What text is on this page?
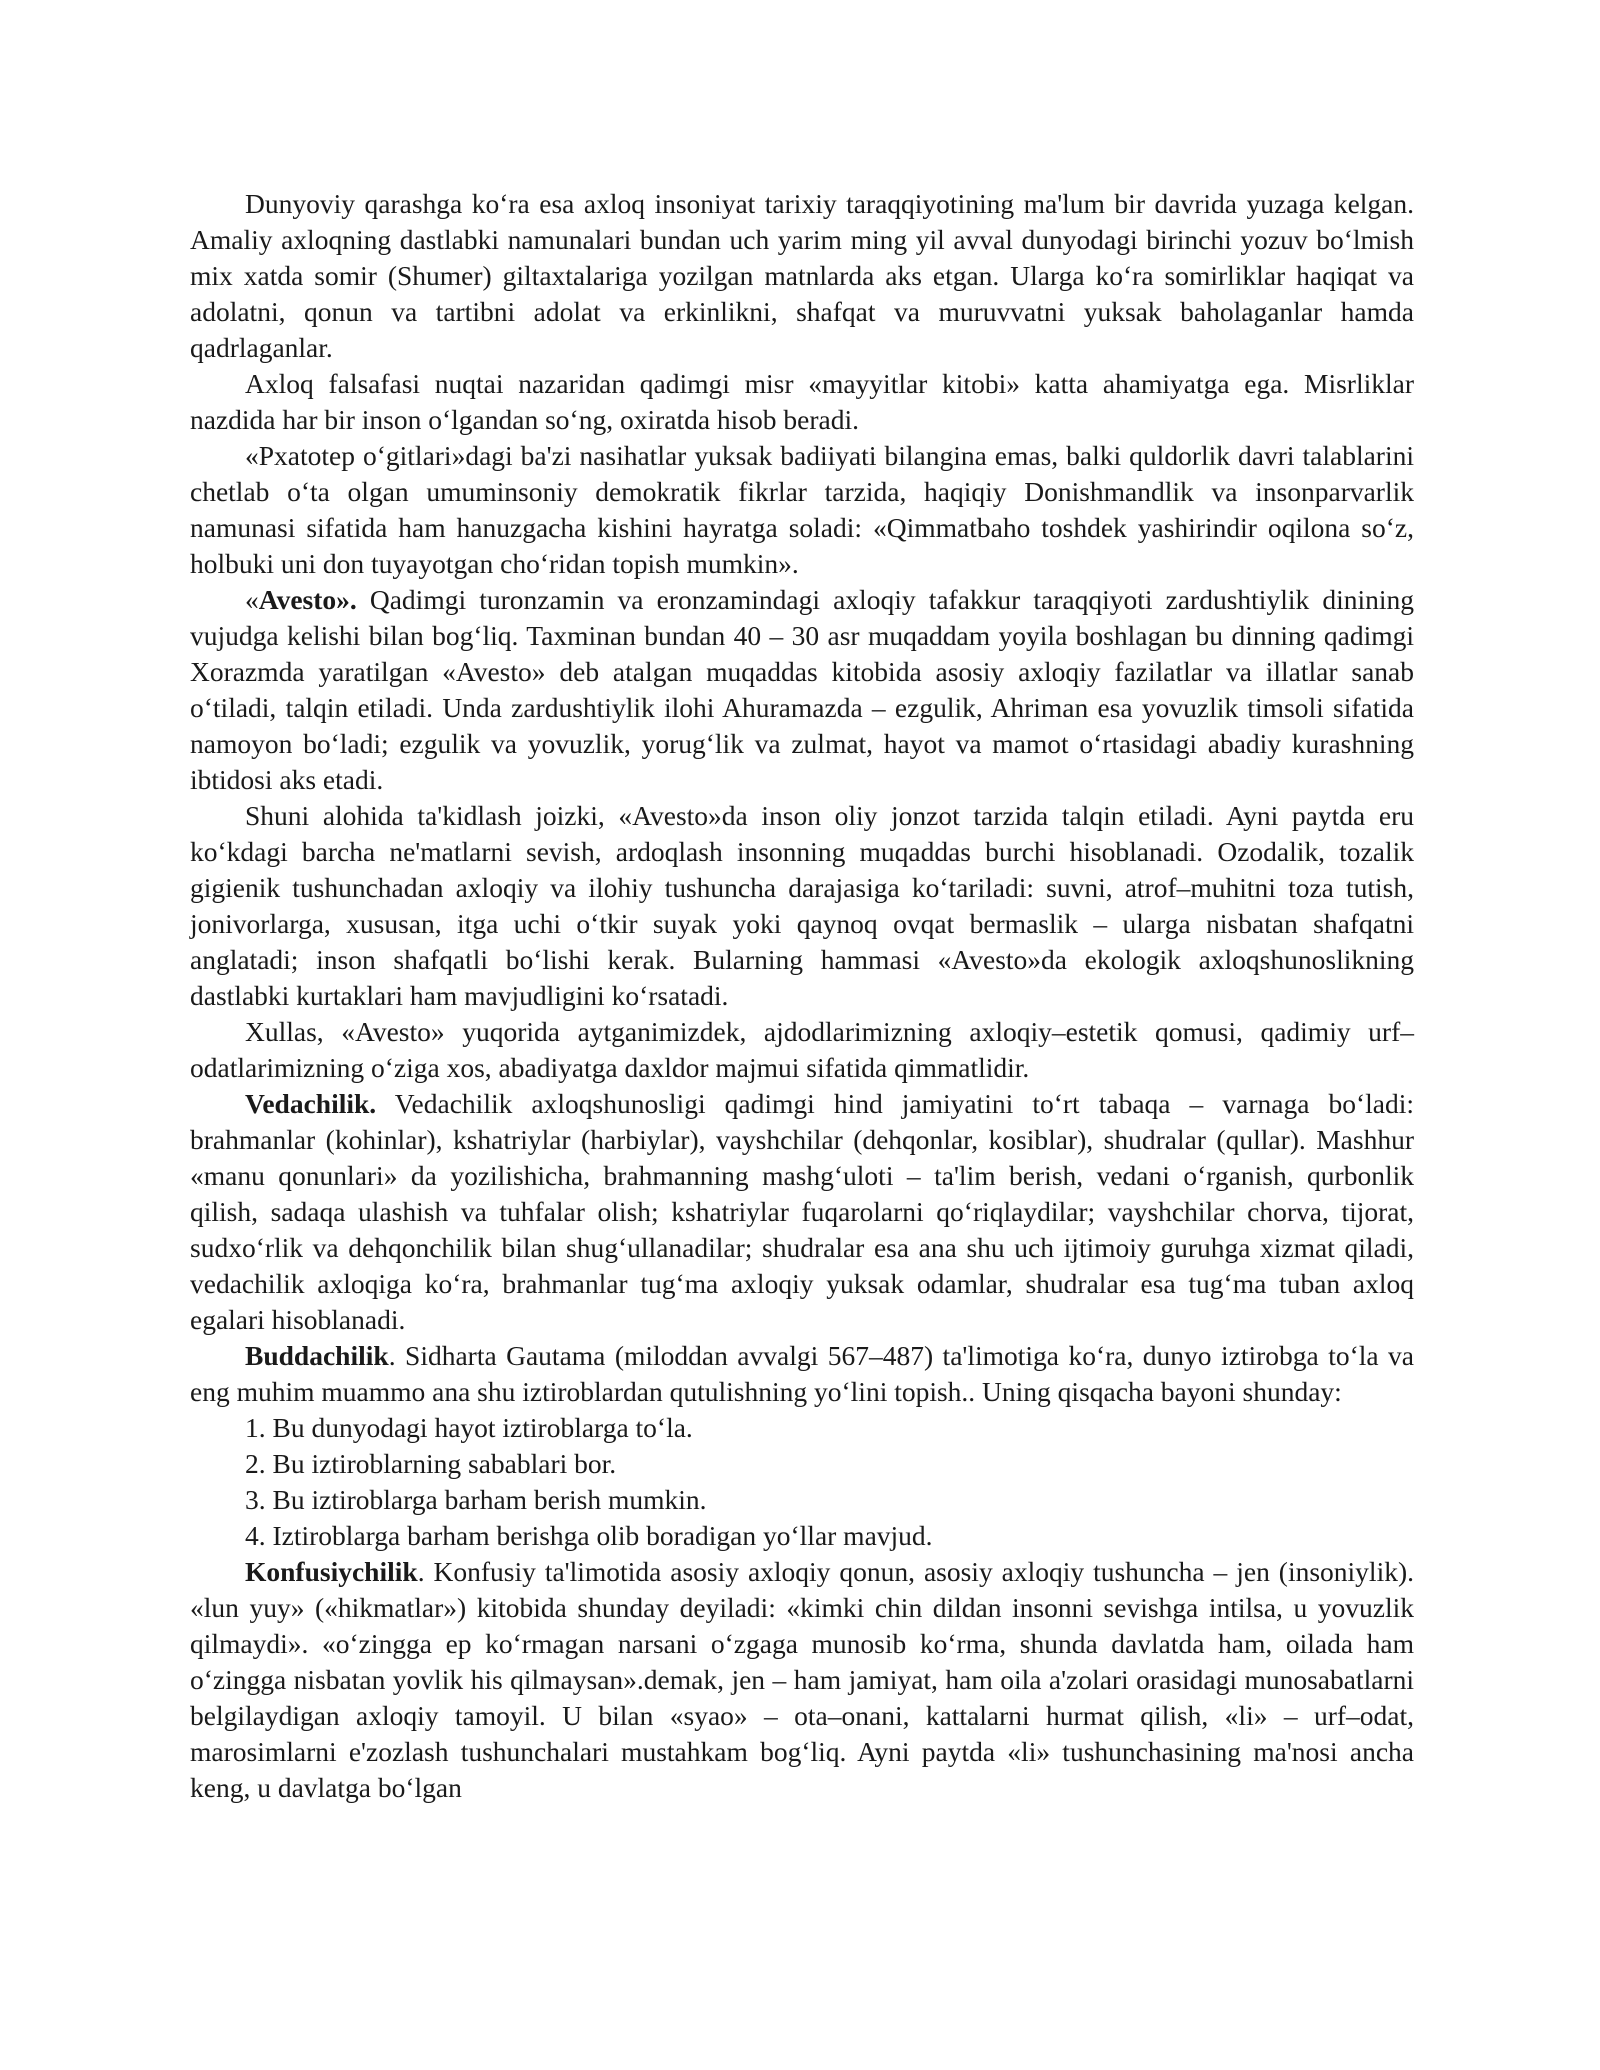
Dunyoviy qarashga ko‘ra esa axloq insoniyat tarixiy taraqqiyotining ma'lum bir davrida yuzaga kelgan. Amaliy axloqning dastlabki namunalari bundan uch yarim ming yil avval dunyodagi birinchi yozuv bo‘lmish mix xatda somir (Shumer) giltaxtalariga yozilgan matnlarda aks etgan. Ularga ko‘ra somirliklar haqiqat va adolatni, qonun va tartibni adolat va erkinlikni, shafqat va muruvvatni yuksak baholaganlar hamda qadrlaganlar.

Axloq falsafasi nuqtai nazaridan qadimgi misr «mayyitlar kitobi» katta ahamiyatga ega. Misrliklar nazdida har bir inson o‘lgandan so‘ng, oxiratda hisob beradi.

«Pxatotep o‘gitlari»dagi ba'zi nasihatlar yuksak badiiyati bilangina emas, balki quldorlik davri talablarini chetlab o‘ta olgan umuminsoniy demokratik fikrlar tarzida, haqiqiy Donishmandlik va insonparvarlik namunasi sifatida ham hanuzgacha kishini hayratga soladi: «Qimmatbaho toshdek yashirindir oqilona so‘z, holbuki uni don tuyayotgan cho‘ridan topish mumkin».

«Avesto». Qadimgi turonzamin va eronzamindagi axloqiy tafakkur taraqqiyoti zardushtiylik dinining vujudga kelishi bilan bog‘liq. Taxminan bundan 40 – 30 asr muqaddam yoyila boshlagan bu dinning qadimgi Xorazmda yaratilgan «Avesto» deb atalgan muqaddas kitobida asosiy axloqiy fazilatlar va illatlar sanab o‘tiladi, talqin etiladi. Unda zardushtiylik ilohi Ahuramazda – ezgulik, Ahriman esa yovuzlik timsoli sifatida namoyon bo‘ladi; ezgulik va yovuzlik, yorug‘lik va zulmat, hayot va mamot o‘rtasidagi abadiy kurashning ibtidosi aks etadi.

Shuni alohida ta'kidlash joizki, «Avesto»da inson oliy jonzot tarzida talqin etiladi. Ayni paytda eru ko‘kdagi barcha ne'matlarni sevish, ardoqlash insonning muqaddas burchi hisoblanadi. Ozodalik, tozalik gigienik tushunchadan axloqiy va ilohiy tushuncha darajasiga ko‘tariladi: suvni, atrof–muhitni toza tutish, jonivorlarga, xususan, itga uchi o‘tkir suyak yoki qaynoq ovqat bermaslik – ularga nisbatan shafqatni anglatadi; inson shafqatli bo‘lishi kerak. Bularning hammasi «Avesto»da ekologik axloqshunoslikning dastlabki kurtaklari ham mavjudligini ko‘rsatadi.

Xullas, «Avesto» yuqorida aytganimizdek, ajdodlarimizning axloqiy–estetik qomusi, qadimiy urf–odatlarimizning o‘ziga xos, abadiyatga daxldor majmui sifatida qimmatlidir.

Vedachilik. Vedachilik axloqshunosligi qadimgi hind jamiyatini to‘rt tabaqa – varnaga bo‘ladi: brahmanlar (kohinlar), kshatriylar (harbiylar), vayshchilar (dehqonlar, kosiblar), shudralar (qullar). Mashhur «manu qonunlari» da yozilishicha, brahmanning mashg‘uloti – ta'lim berish, vedani o‘rganish, qurbonlik qilish, sadaqa ulashish va tuhfalar olish; kshatriylar fuqarolarni qo‘riqlaydilar; vayshchilar chorva, tijorat, sudxo‘rlik va dehqonchilik bilan shug‘ullanadilar; shudralar esa ana shu uch ijtimoiy guruhga xizmat qiladi, vedachilik axloqiga ko‘ra, brahmanlar tug‘ma axloqiy yuksak odamlar, shudralar esa tug‘ma tuban axloq egalari hisoblanadi.

Buddachilik. Sidharta Gautama (miloddan avvalgi 567–487) ta'limotiga ko‘ra, dunyo iztirobga to‘la va eng muhim muammo ana shu iztiroblardan qutulishning yo‘lini topish.. Uning qisqacha bayoni shunday:

1. Bu dunyodagi hayot iztiroblarga to‘la.

2. Bu iztiroblarning sabablari bor.

3. Bu iztiroblarga barham berish mumkin.

4. Iztiroblarga barham berishga olib boradigan yo‘llar mavjud.

Konfusiychilik. Konfusiy ta'limotida asosiy axloqiy qonun, asosiy axloqiy tushuncha – jen (insoniylik). «lun yuy» («hikmatlar») kitobida shunday deyiladi: «kimki chin dildan insonni sevishga intilsa, u yovuzlik qilmaydi». «o‘zingga ep ko‘rmagan narsani o‘zgaga munosib ko‘rma, shunda davlatda ham, oilada ham o‘zingga nisbatan yovlik his qilmaysan».demak, jen – ham jamiyat, ham oila a'zolari orasidagi munosabatlarni belgilaydigan axloqiy tamoyil. U bilan «syao» – ota–onani, kattalarni hurmat qilish, «li» – urf–odat, marosimlarni e'zozlash tushunchalari mustahkam bog‘liq. Ayni paytda «li» tushunchasining ma'nosi ancha keng, u davlatga bo‘lgan
